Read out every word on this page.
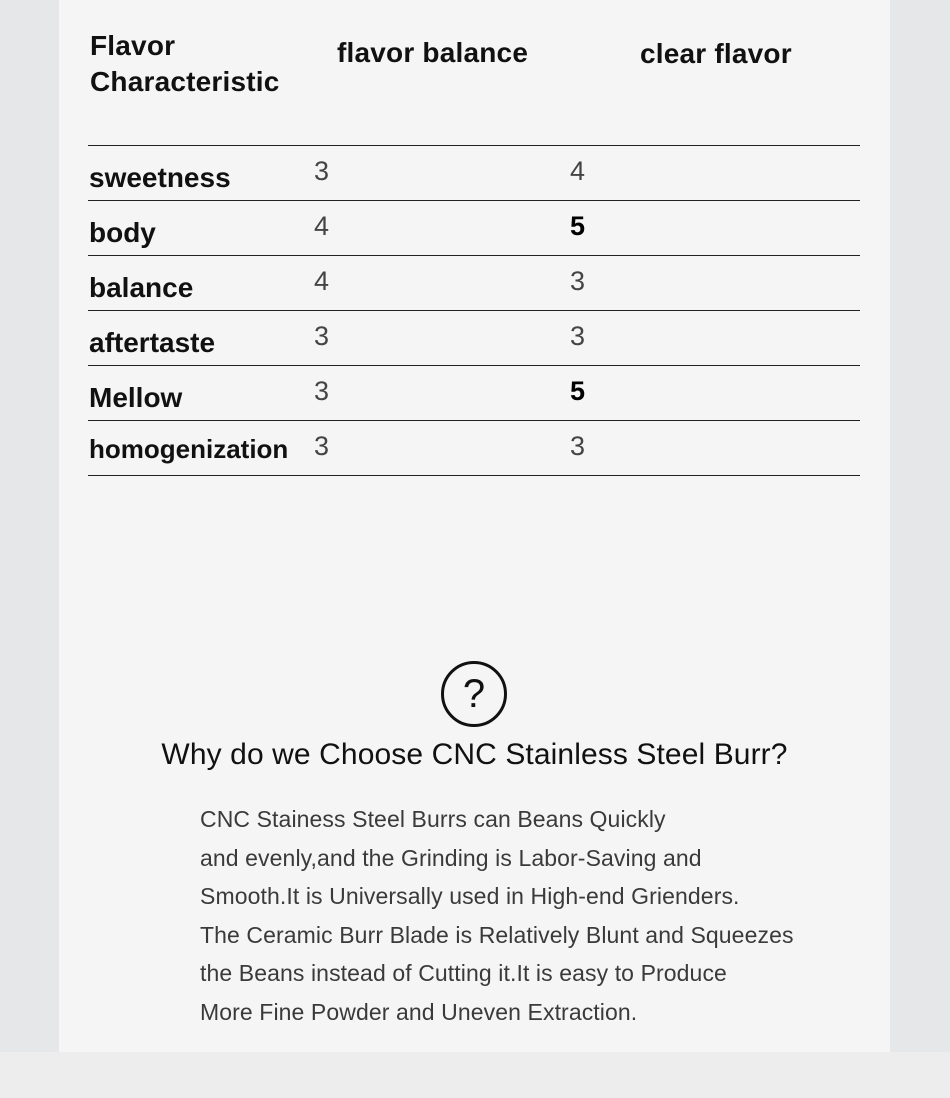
Flavor
Characteristic
flavor balance	clear flavor
sweetness	3	4
body	4	5
balance	4	3
aftertaste	3	3
Mellow	3	5
homogenization 3	3
?
Why do we Choose CNC Stainless Steel Burr?
CNC Stainess Steel Burrs can Beans Quickly
and evenly,and the Grinding is Labor-Saving and
Smooth.It is Universally used in High-end Grienders.
The Ceramic Burr Blade is Relatively Blunt and Squeezes
the Beans instead of Cutting it.It is easy to Produce
More Fine Powder and Uneven Extraction.
